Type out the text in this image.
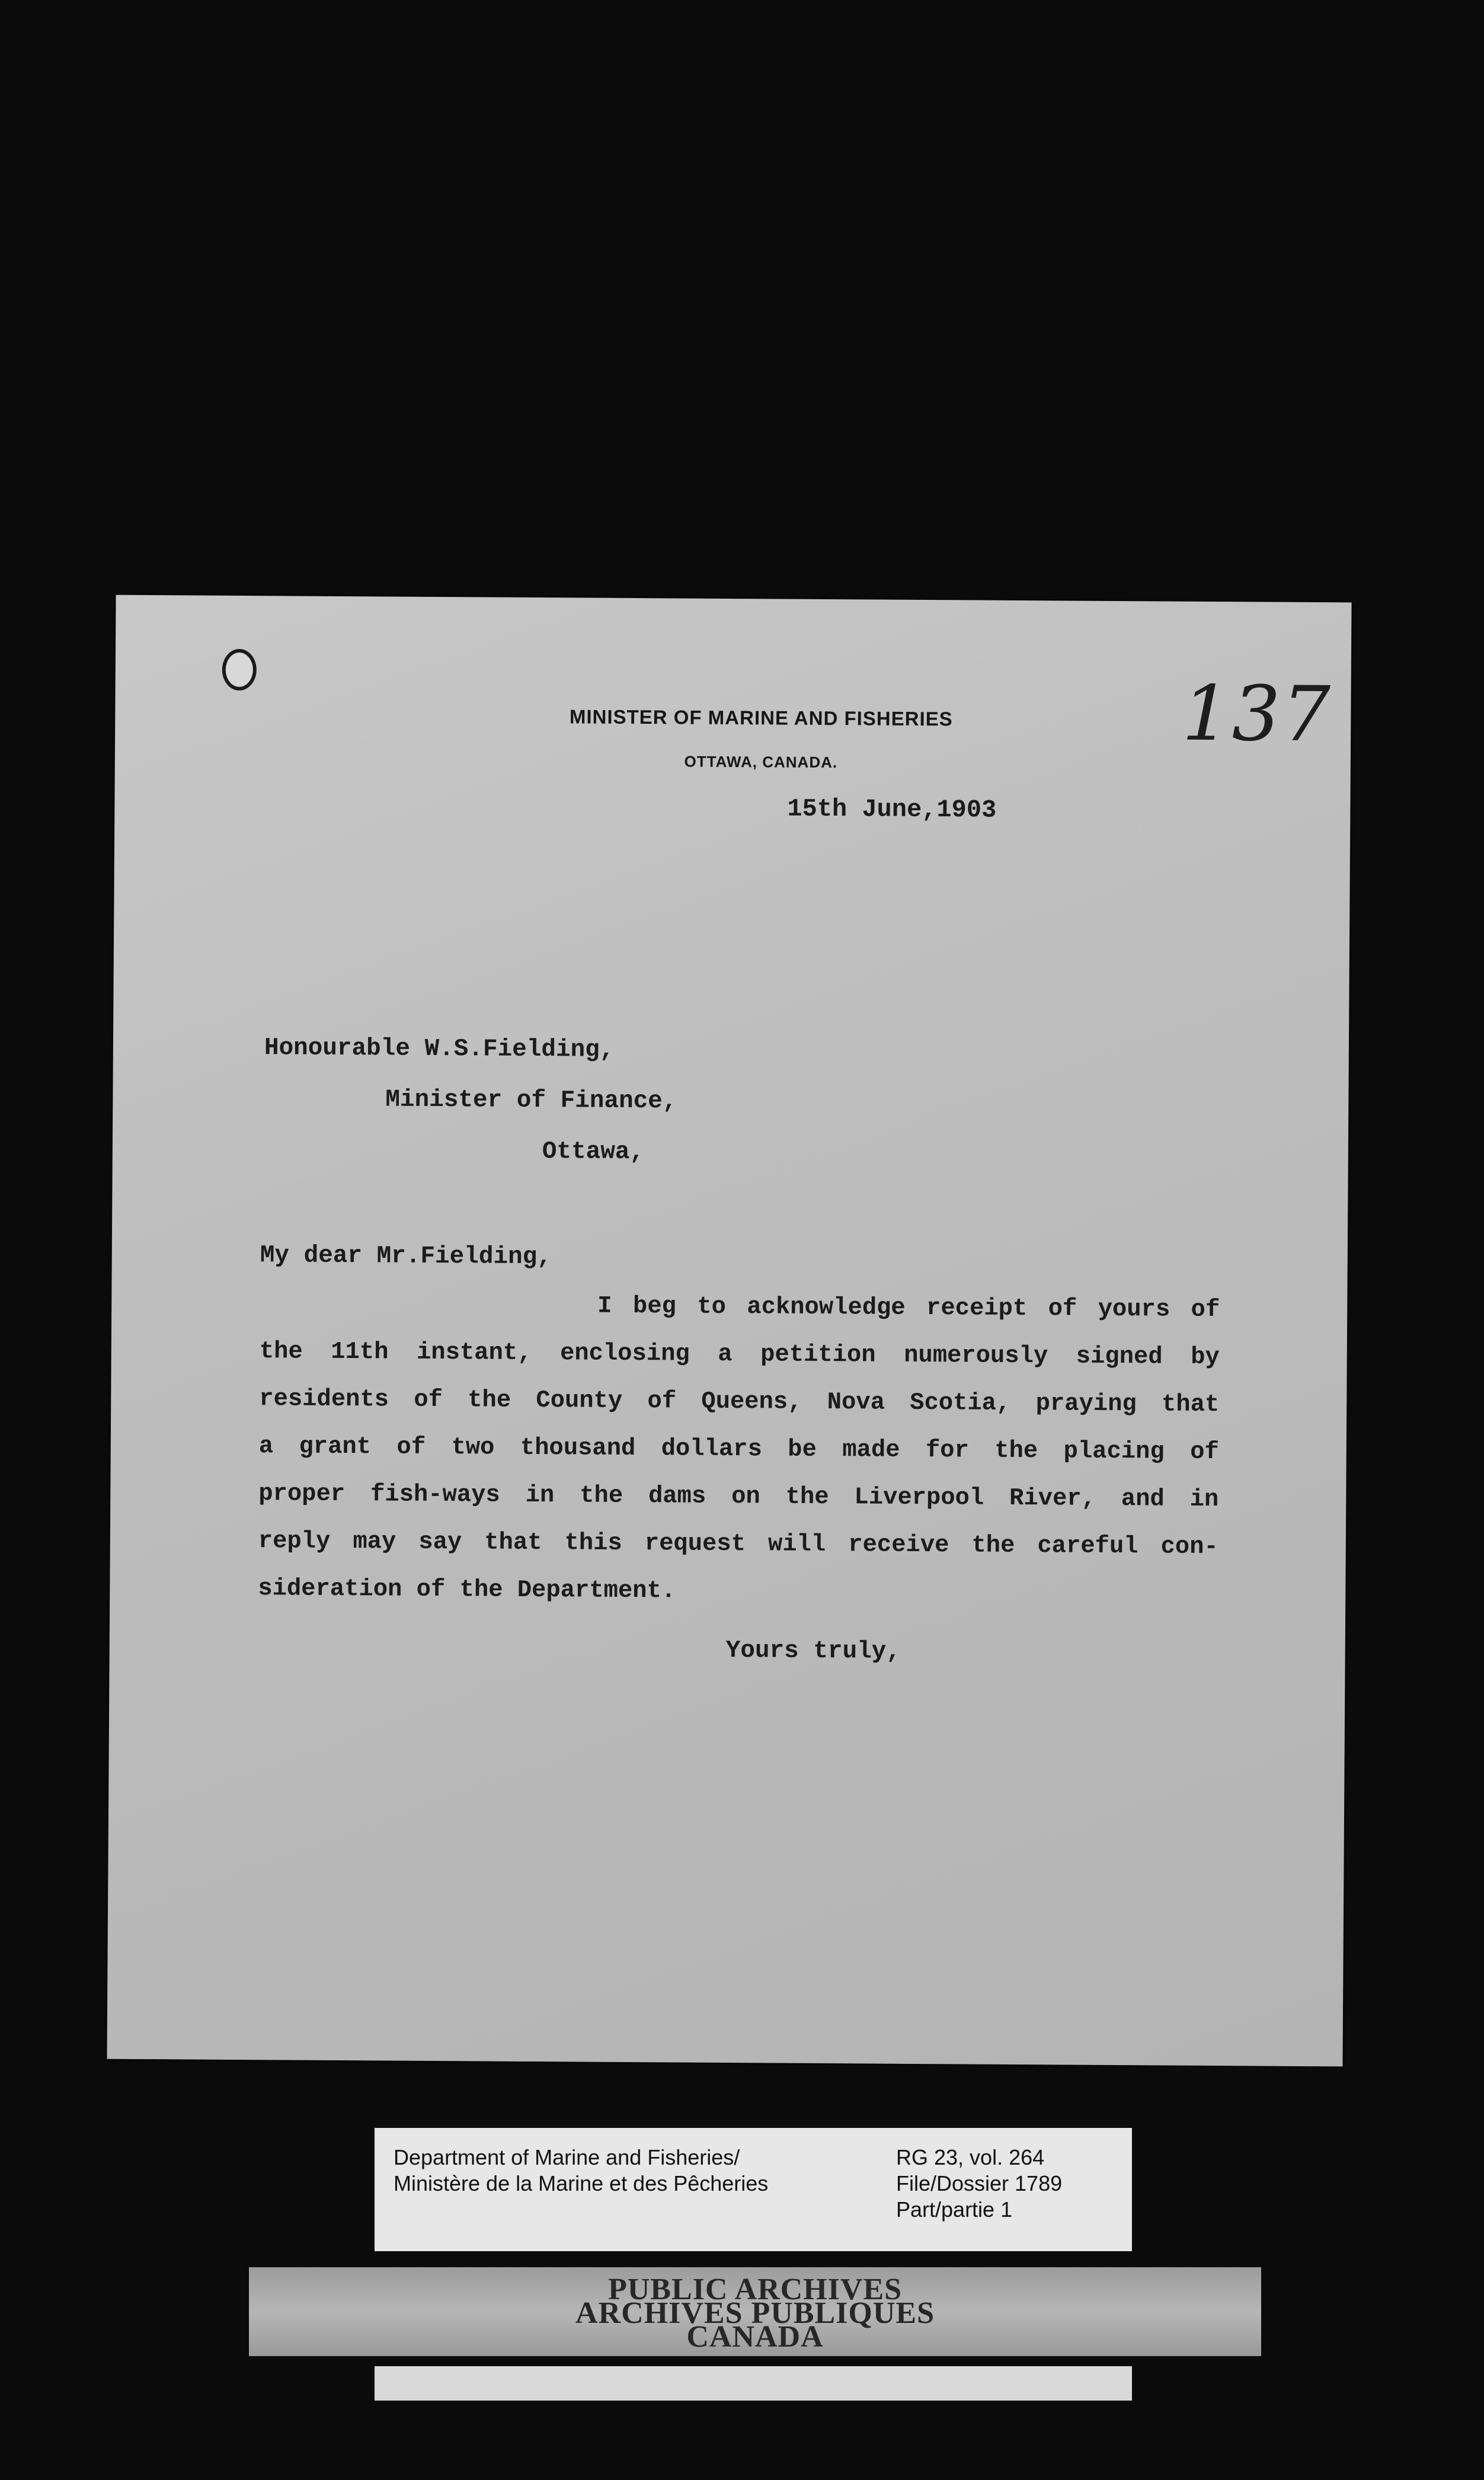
MINISTER OF MARINE AND FISHERIES
OTTAWA, CANADA.
137
15th June,1903
Honourable W.S.Fielding,
Minister of Finance,
Ottawa,
My dear Mr.Fielding,
I beg to acknowledge receipt of yours of
the 11th instant, enclosing a petition numerously signed by
residents of the County of Queens, Nova Scotia, praying that
a grant of two thousand dollars be made for the placing of
proper fish-ways in the dams on the Liverpool River, and in
reply may say that this request will receive the careful con-
sideration of the Department.
Yours truly,
Department of Marine and Fisheries/
Ministère de la Marine et des Pêcheries
RG 23, vol. 264
File/Dossier 1789
Part/partie 1
PUBLIC ARCHIVES
ARCHIVES PUBLIQUES
CANADA
